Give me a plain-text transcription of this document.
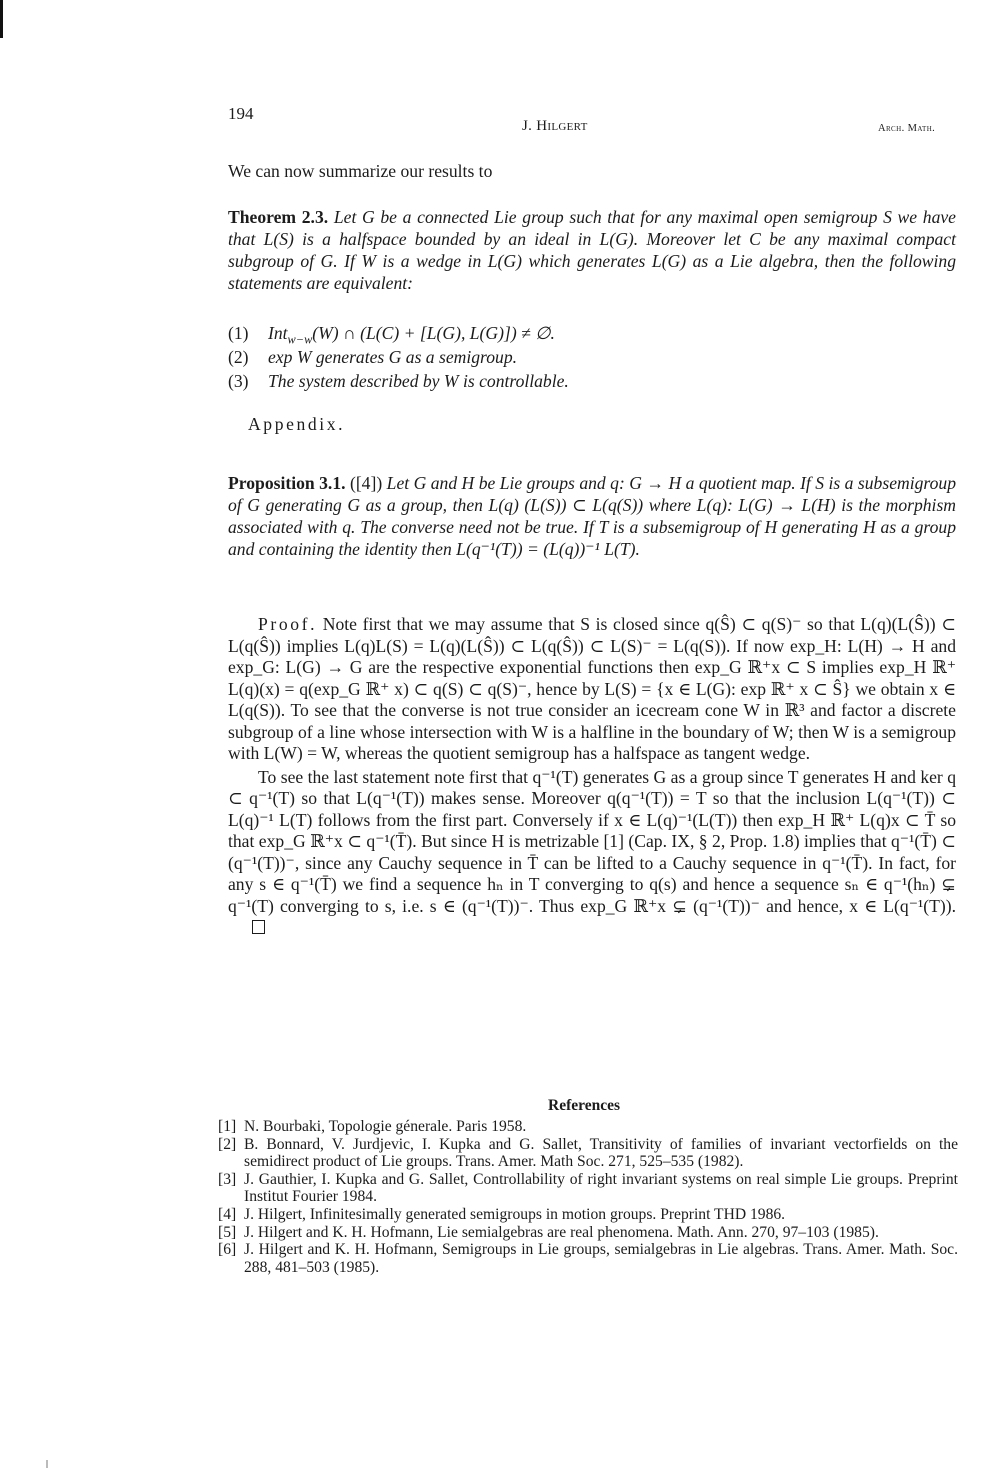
194
J. Hilgert	Arch. Math.

We can now summarize our results to

Theorem 2.3. Let G be a connected Lie group such that for any maximal open semigroup S we have that L(S) is a halfspace bounded by an ideal in L(G). Moreover let C be any maximal compact subgroup of G. If W is a wedge in L(G) which generates L(G) as a Lie algebra, then the following statements are equivalent:

(1)	Int$_{w-w}$(W) ∩ (L(C) + [L(G), L(G)]) ≠ ∅.
(2)	exp W generates G as a semigroup.
(3)	The system described by W is controllable.
Appendix.

Proposition 3.1. ([4]) Let G and H be Lie groups and q: G → H a quotient map. If S is a subsemigroup of G generating G as a group, then L(q) (L(S)) ⊂ L(q(S)) where L(q): L(G) → L(H) is the morphism associated with q. The converse need not be true. If T is a subsemigroup of H generating H as a group and containing the identity then L(q⁻¹(T)) = (L(q))⁻¹ L(T).

Proof. Note first that we may assume that S is closed since q(Ŝ) ⊂ q(S)⁻ so that L(q)(L(Ŝ)) ⊂ L(q(Ŝ)) implies L(q)L(S) = L(q)(L(Ŝ)) ⊂ L(q(Ŝ)) ⊂ L(S)⁻ = L(q(S)). If now exp_H: L(H) → H and exp_G: L(G) → G are the respective exponential functions then exp_G ℝ⁺x ⊂ S implies exp_H ℝ⁺ L(q)(x) = q(exp_G ℝ⁺ x) ⊂ q(S) ⊂ q(S)⁻, hence by L(S) = {x ∈ L(G): exp ℝ⁺ x ⊂ Ŝ} we obtain x ∈ L(q(S)). To see that the converse is not true consider an icecream cone W in ℝ³ and factor a discrete subgroup of a line whose intersection with W is a halfline in the boundary of W; then W is a semigroup with L(W) = W, whereas the quotient semigroup has a halfspace as tangent wedge.

To see the last statement note first that q⁻¹(T) generates G as a group since T generates H and ker q ⊂ q⁻¹(T) so that L(q⁻¹(T)) makes sense. Moreover q(q⁻¹(T)) = T so that the inclusion L(q⁻¹(T)) ⊂ L(q)⁻¹ L(T) follows from the first part. Conversely if x ∈ L(q)⁻¹(L(T)) then exp_H ℝ⁺ L(q)x ⊂ T̄ so that exp_G ℝ⁺x ⊂ q⁻¹(T̄). But since H is metrizable [1] (Cap. IX, § 2, Prop. 1.8) implies that q⁻¹(T̄) ⊂ (q⁻¹(T))⁻, since any Cauchy sequence in T̄ can be lifted to a Cauchy sequence in q⁻¹(T̄). In fact, for any s ∈ q⁻¹(T̄) we find a sequence hₙ in T converging to q(s) and hence a sequence sₙ ∈ q⁻¹(hₙ) ⊊ q⁻¹(T) converging to s, i.e. s ∈ (q⁻¹(T))⁻. Thus exp_G ℝ⁺x ⊊ (q⁻¹(T))⁻ and hence, x ∈ L(q⁻¹(T)).

References
[1] N. Bourbaki, Topologie génerale. Paris 1958.
[2] B. Bonnard, V. Jurdjevic, I. Kupka and G. Sallet, Transitivity of families of invariant vectorfields on the semidirect product of Lie groups. Trans. Amer. Math Soc. 271, 525–535 (1982).
[3] J. Gauthier, I. Kupka and G. Sallet, Controllability of right invariant systems on real simple Lie groups. Preprint Institut Fourier 1984.
[4] J. Hilgert, Infinitesimally generated semigroups in motion groups. Preprint THD 1986.
[5] J. Hilgert and K. H. Hofmann, Lie semialgebras are real phenomena. Math. Ann. 270, 97–103 (1985).
[6] J. Hilgert and K. H. Hofmann, Semigroups in Lie groups, semialgebras in Lie algebras. Trans. Amer. Math. Soc. 288, 481–503 (1985).
